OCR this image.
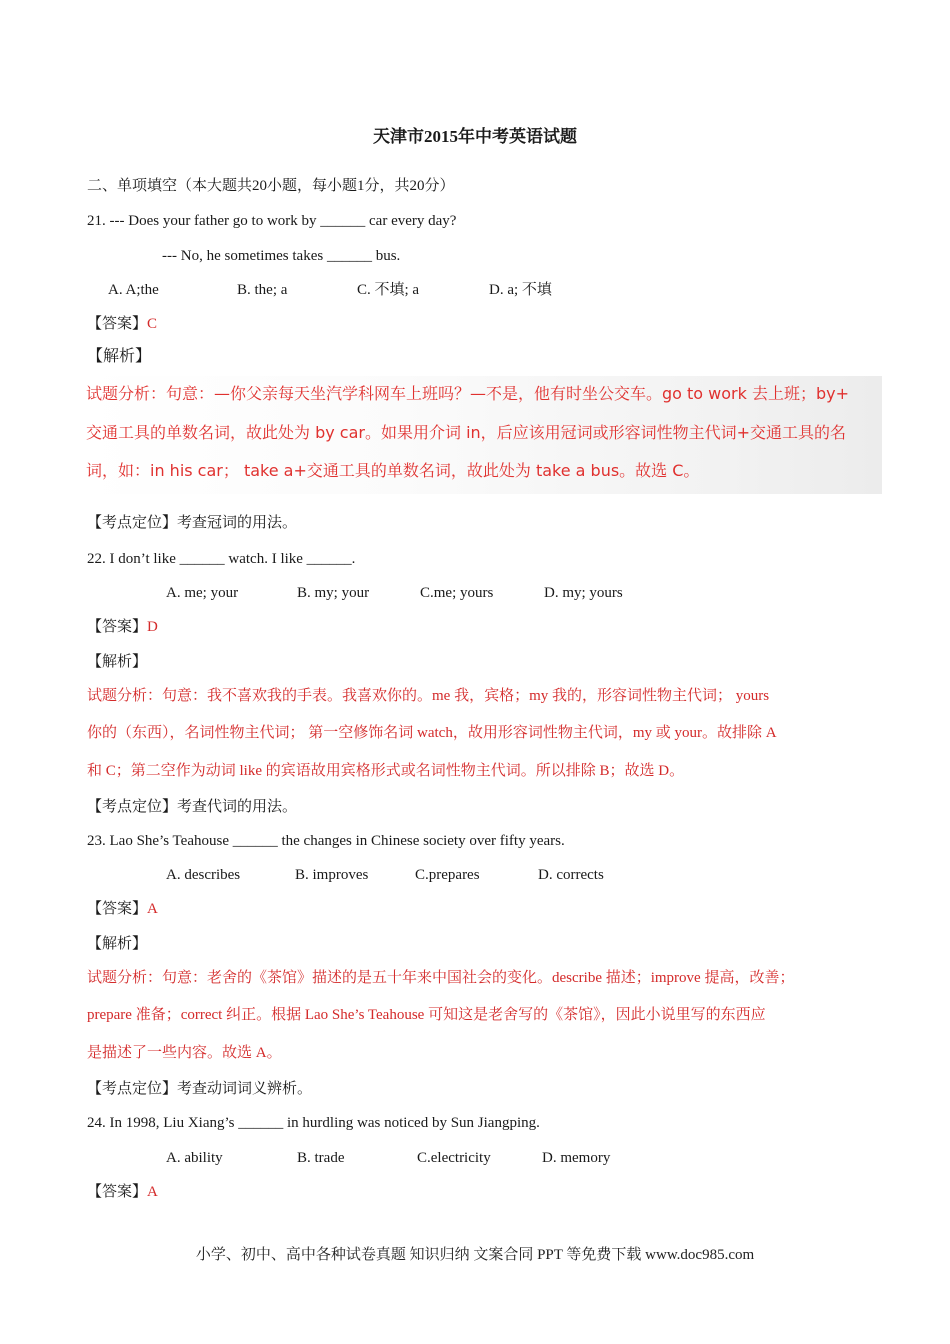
天津市2015年中考英语试题
二、单项填空（本大题共20小题，每小题1分，共20分）
21. --- Does your father go to work by ______ car every day?
--- No, he sometimes takes ______ bus.
A. A;the	B. the; a	C. 不填; a	D. a; 不填
【答案】C
【解析】
试题分析：句意：—你父亲每天坐汽学科网车上班吗？—不是，他有时坐公交车。go to work 去上班；by+
交通工具的单数名词，故此处为 by car。如果用介词 in，后应该用冠词或形容词性物主代词+交通工具的名
词，如：in his car； take a+交通工具的单数名词，故此处为 take a bus。故选 C。
【考点定位】考查冠词的用法。
22. I don’t like ______ watch. I like ______.
A. me; your	B. my; your	C.me; yours	D. my; yours
【答案】D
【解析】
试题分析：句意：我不喜欢我的手表。我喜欢你的。me 我，宾格；my 我的，形容词性物主代词； yours
你的（东西），名词性物主代词； 第一空修饰名词 watch，故用形容词性物主代词，my 或 your。故排除 A
和 C；第二空作为动词 like 的宾语故用宾格形式或名词性物主代词。所以排除 B；故选 D。
【考点定位】考查代词的用法。
23. Lao She’s Teahouse ______ the changes in Chinese society over fifty years.
A. describes	B. improves	C.prepares	D. corrects
【答案】A
【解析】
试题分析：句意：老舍的《茶馆》描述的是五十年来中国社会的变化。describe 描述；improve 提高，改善；
prepare 准备；correct 纠正。根据 Lao She’s Teahouse 可知这是老舍写的《茶馆》，因此小说里写的东西应
是描述了一些内容。故选 A。
【考点定位】考查动词词义辨析。
24. In 1998, Liu Xiang’s ______ in hurdling was noticed by Sun Jiangping.
A. ability	B. trade	C.electricity	D. memory
【答案】A
小学、初中、高中各种试卷真题 知识归纳 文案合同 PPT 等免费下载 www.doc985.com
